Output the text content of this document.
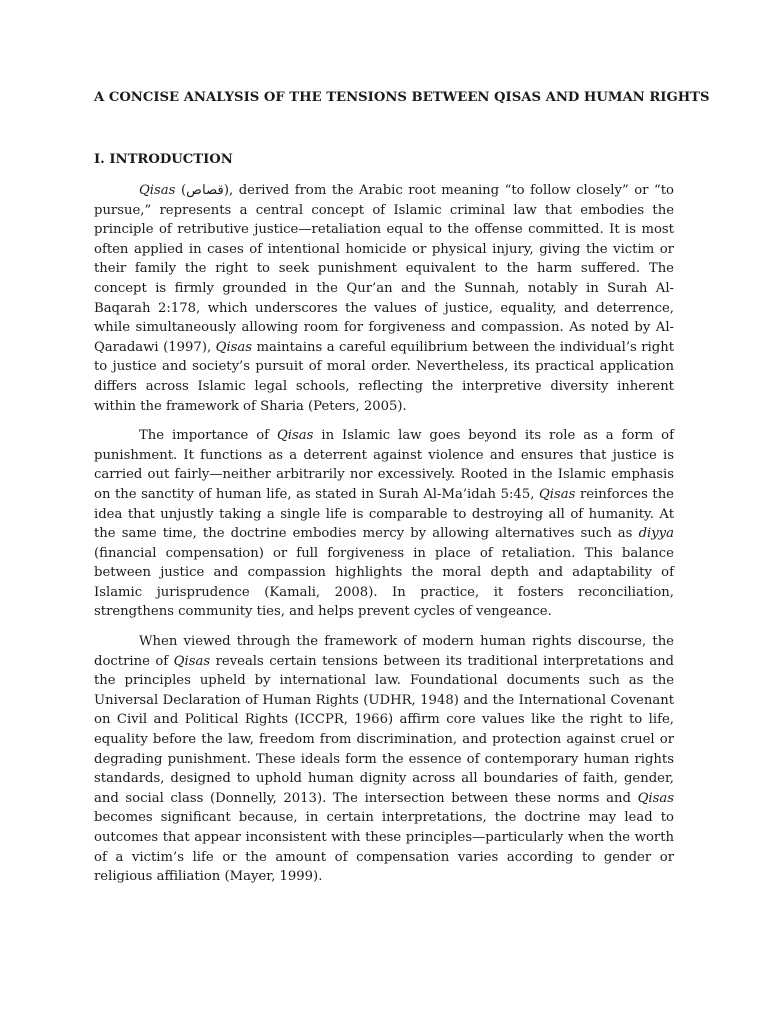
A CONCISE ANALYSIS OF THE TENSIONS BETWEEN QISAS AND HUMAN RIGHTS
I. INTRODUCTION

Qisas (قصاص), derived from the Arabic root meaning “to follow closely” or “to pursue,” represents a central concept of Islamic criminal law that embodies the principle of retributive justice—retaliation equal to the offense committed. It is most often applied in cases of intentional homicide or physical injury, giving the victim or their family the right to seek punishment equivalent to the harm suffered. The concept is firmly grounded in the Qur’an and the Sunnah, notably in Surah Al-Baqarah 2:178, which underscores the values of justice, equality, and deterrence, while simultaneously allowing room for forgiveness and compassion. As noted by Al-Qaradawi (1997), Qisas maintains a careful equilibrium between the individual’s right to justice and society’s pursuit of moral order. Nevertheless, its practical application differs across Islamic legal schools, reflecting the interpretive diversity inherent within the framework of Sharia (Peters, 2005).

The importance of Qisas in Islamic law goes beyond its role as a form of punishment. It functions as a deterrent against violence and ensures that justice is carried out fairly—neither arbitrarily nor excessively. Rooted in the Islamic emphasis on the sanctity of human life, as stated in Surah Al-Ma’idah 5:45, Qisas reinforces the idea that unjustly taking a single life is comparable to destroying all of humanity. At the same time, the doctrine embodies mercy by allowing alternatives such as diyya (financial compensation) or full forgiveness in place of retaliation. This balance between justice and compassion highlights the moral depth and adaptability of Islamic jurisprudence (Kamali, 2008). In practice, it fosters reconciliation, strengthens community ties, and helps prevent cycles of vengeance.

When viewed through the framework of modern human rights discourse, the doctrine of Qisas reveals certain tensions between its traditional interpretations and the principles upheld by international law. Foundational documents such as the Universal Declaration of Human Rights (UDHR, 1948) and the International Covenant on Civil and Political Rights (ICCPR, 1966) affirm core values like the right to life, equality before the law, freedom from discrimination, and protection against cruel or degrading punishment. These ideals form the essence of contemporary human rights standards, designed to uphold human dignity across all boundaries of faith, gender, and social class (Donnelly, 2013). The intersection between these norms and Qisas becomes significant because, in certain interpretations, the doctrine may lead to outcomes that appear inconsistent with these principles—particularly when the worth of a victim’s life or the amount of compensation varies according to gender or religious affiliation (Mayer, 1999).
